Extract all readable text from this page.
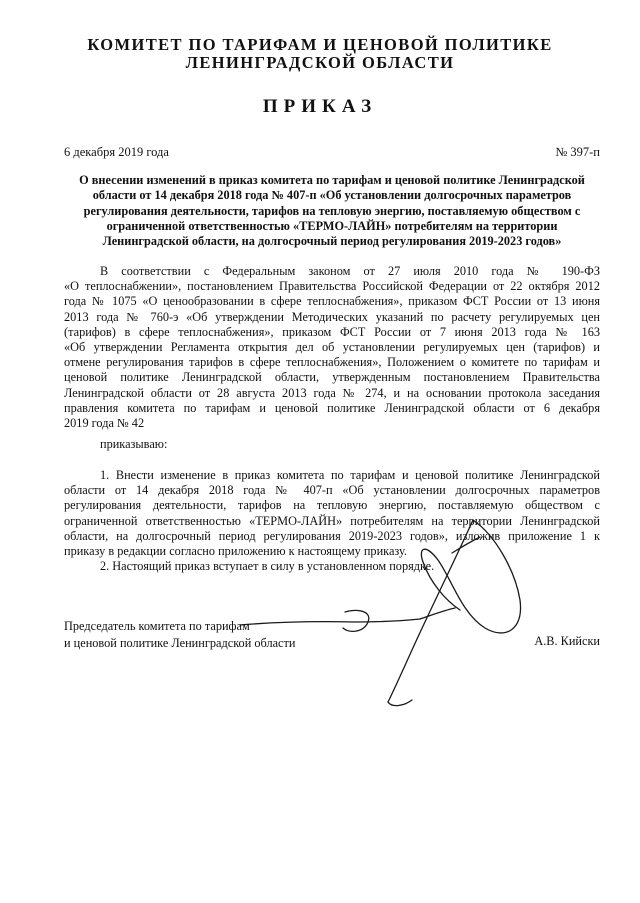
КОМИТЕТ ПО ТАРИФАМ И ЦЕНОВОЙ ПОЛИТИКЕ
ЛЕНИНГРАДСКОЙ ОБЛАСТИ
ПРИКАЗ
6 декабря 2019 года	№ 397-п
О внесении изменений в приказ комитета по тарифам и ценовой политике Ленинградской
области от 14 декабря 2018 года № 407-п «Об установлении долгосрочных параметров
регулирования деятельности, тарифов на тепловую энергию, поставляемую обществом с
ограниченной ответственностью «ТЕРМО-ЛАЙН» потребителям на территории
Ленинградской области, на долгосрочный период регулирования 2019-2023 годов»
В соответствии с Федеральным законом от 27 июля 2010 года № 190-ФЗ
«О теплоснабжении», постановлением Правительства Российской Федерации от 22 октября 2012
года № 1075 «О ценообразовании в сфере теплоснабжения», приказом ФСТ России от 13 июня
2013 года № 760-э «Об утверждении Методических указаний по расчету регулируемых цен
(тарифов) в сфере теплоснабжения», приказом ФСТ России от 7 июня 2013 года № 163
«Об утверждении Регламента открытия дел об установлении регулируемых цен (тарифов) и
отмене регулирования тарифов в сфере теплоснабжения», Положением о комитете по тарифам и
ценовой политике Ленинградской области, утвержденным постановлением Правительства
Ленинградской области от 28 августа 2013 года № 274, и на основании протокола заседания
правления комитета по тарифам и ценовой политике Ленинградской области от 6 декабря
2019 года № 42
приказываю:
1. Внести изменение в приказ комитета по тарифам и ценовой политике Ленинградской
области от 14 декабря 2018 года № 407-п «Об установлении долгосрочных параметров
регулирования деятельности, тарифов на тепловую энергию, поставляемую обществом с
ограниченной ответственностью «ТЕРМО-ЛАЙН» потребителям на территории Ленинградской
области, на долгосрочный период регулирования 2019-2023 годов», изложив приложение 1 к
приказу в редакции согласно приложению к настоящему приказу.
2. Настоящий приказ вступает в силу в установленном порядке.
Председатель комитета по тарифам
и ценовой политике Ленинградской области	А.В. Кийски
